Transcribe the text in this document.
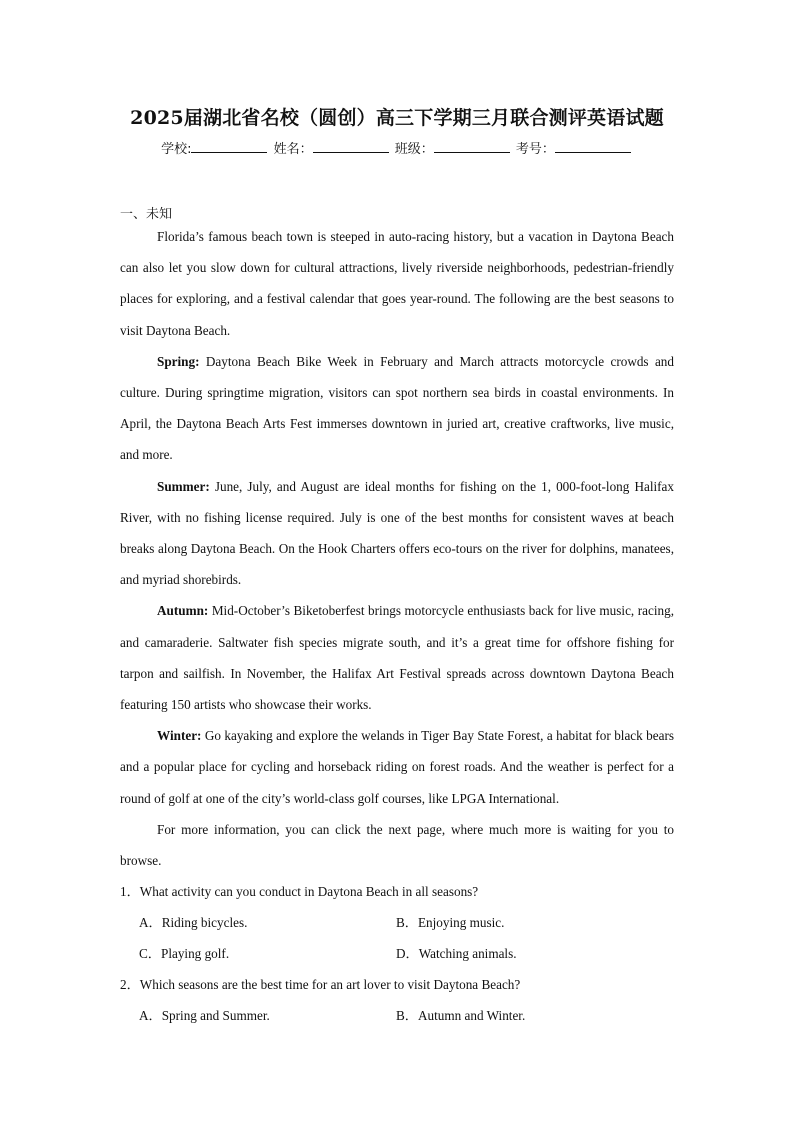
2025届湖北省名校（圆创）高三下学期三月联合测评英语试题
学校:	姓名：	班级：	考号：
一、未知

Florida’s famous beach town is steeped in auto-racing history, but a vacation in Daytona Beach can also let you slow down for cultural attractions, lively riverside neighborhoods, pedestrian-friendly places for exploring, and a festival calendar that goes year-round. The following are the best seasons to visit Daytona Beach.

Spring: Daytona Beach Bike Week in February and March attracts motorcycle crowds and culture. During springtime migration, visitors can spot northern sea birds in coastal environments. In April, the Daytona Beach Arts Fest immerses downtown in juried art, creative craftworks, live music, and more.

Summer: June, July, and August are ideal months for fishing on the 1, 000-foot-long Halifax River, with no fishing license required. July is one of the best months for consistent waves at beach breaks along Daytona Beach. On the Hook Charters offers eco-tours on the river for dolphins, manatees, and myriad shorebirds.

Autumn: Mid-October’s Biketoberfest brings motorcycle enthusiasts back for live music, racing, and camaraderie. Saltwater fish species migrate south, and it’s a great time for offshore fishing for tarpon and sailfish. In November, the Halifax Art Festival spreads across downtown Daytona Beach featuring 150 artists who showcase their works.

Winter: Go kayaking and explore the welands in Tiger Bay State Forest, a habitat for black bears and a popular place for cycling and horseback riding on forest roads. And the weather is perfect for a round of golf at one of the city’s world-class golf courses, like LPGA International.

For more information, you can click the next page, where much more is waiting for you to browse.

1．What activity can you conduct in Daytona Beach in all seasons?
A．Riding bicycles.	B．Enjoying music.
C．Playing golf.	D．Watching animals.
2．Which seasons are the best time for an art lover to visit Daytona Beach?
A．Spring and Summer.	B．Autumn and Winter.
